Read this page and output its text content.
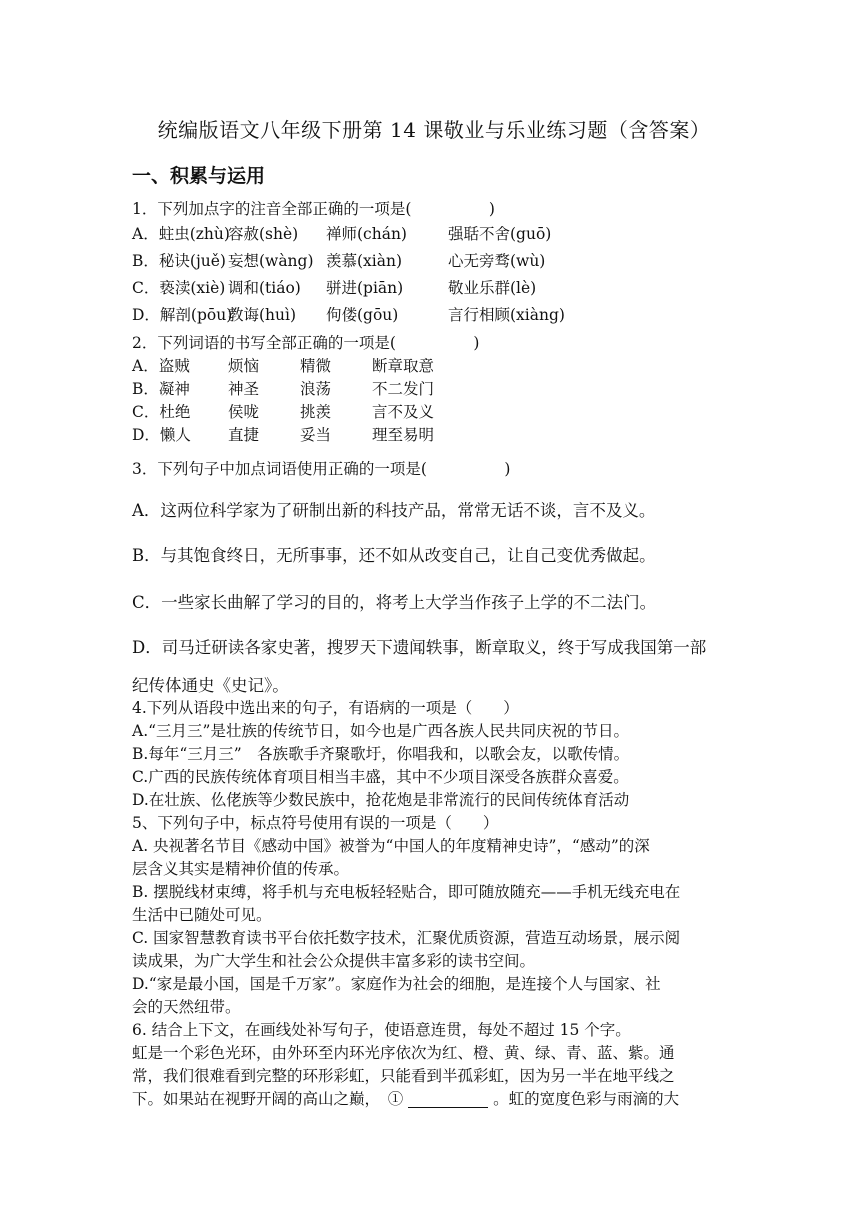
统编版语文八年级下册第 14 课敬业与乐业练习题（含答案）
一、积累与运用
1．下列加点字的注音全部正确的一项是(　　　　　)
A．蛀虫(zhù)容赦(shè) 禅师(chán)	强聒不舍(guō)
B．秘诀(juě) 妄想(wàng) 羡慕(xiàn)	心无旁骛(wù)
C．亵渎(xiè) 调和(tiáo) 骈进(piān)	敬业乐群(lè)
D．解剖(pōu)教诲(huì) 佝偻(gōu)	言行相顾(xiàng)
2．下列词语的书写全部正确的一项是(　　　　　)
A．盗贼 烦恼	精微	断章取意
B．凝神 神圣	浪荡	不二发门
C．杜绝 侯咙	挑羡	言不及义
D．懒人 直捷	妥当	理至易明
3．下列句子中加点词语使用正确的一项是(　　　　　)
A．这两位科学家为了研制出新的科技产品，常常无话不谈，言不及义。
B．与其饱食终日，无所事事，还不如从改变自己，让自己变优秀做起。
C．一些家长曲解了学习的目的，将考上大学当作孩子上学的不二法门。
D．司马迁研读各家史著，搜罗天下遗闻轶事，断章取义，终于写成我国第一部
纪传体通史《史记》。
4.下列从语段中选出来的句子，有语病的一项是（　　）
A.“三月三”是壮族的传统节日，如今也是广西各族人民共同庆祝的节日。
B.每年“三月三”　各族歌手齐聚歌圩，你唱我和，以歌会友，以歌传情。
C.广西的民族传统体育项目相当丰盛，其中不少项目深受各族群众喜爱。
D.在壮族、仫佬族等少数民族中，抢花炮是非常流行的民间传统体育活动
5、下列句子中，标点符号使用有误的一项是（　　）
A. 央视著名节目《感动中国》被誉为“中国人的年度精神史诗”，“感动”的深
层含义其实是精神价值的传承。
B. 摆脱线材束缚，将手机与充电板轻轻贴合，即可随放随充——手机无线充电在
生活中已随处可见。
C. 国家智慧教育读书平台依托数字技术，汇聚优质资源，营造互动场景，展示阅
读成果，为广大学生和社会公众提供丰富多彩的读书空间。
D.“家是最小国，国是千万家”。家庭作为社会的细胞，是连接个人与国家、社
会的天然纽带。
6. 结合上下文，在画线处补写句子，使语意连贯，每处不超过 15 个字。
虹是一个彩色光环，由外环至内环光序依次为红、橙、黄、绿、青、蓝、紫。通
常，我们很难看到完整的环形彩虹，只能看到半孤彩虹，因为另一半在地平线之
下。如果站在视野开阔的高山之巅，　①	。虹的宽度色彩与雨滴的大
